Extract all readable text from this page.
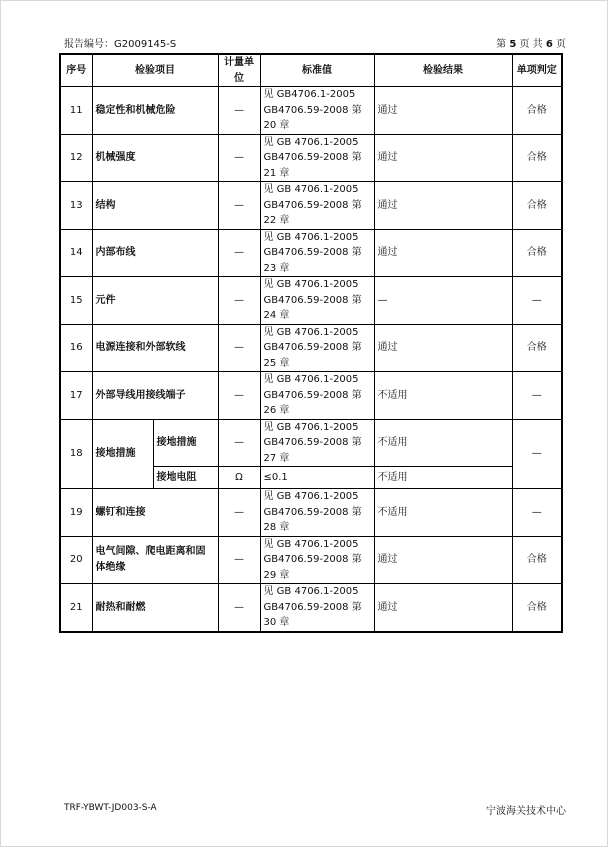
报告编号：G2009145-S	第 5 页 共 6 页
序号	检验项目		计量单位	标准值	检验结果	单项判定
11	稳定性和机械危险		—	见 GB4706.1-2005
GB4706.59-2008 第
20 章	通过	合格
12	机械强度		—	见 GB 4706.1-2005
GB4706.59-2008 第
21 章	通过	合格
13	结构		—	见 GB 4706.1-2005
GB4706.59-2008 第
22 章	通过	合格
14	内部布线		—	见 GB 4706.1-2005
GB4706.59-2008 第
23 章	通过	合格
15	元件		—	见 GB 4706.1-2005
GB4706.59-2008 第
24 章	—	—
16	电源连接和外部软线		—	见 GB 4706.1-2005
GB4706.59-2008 第
25 章	通过	合格
17	外部导线用接线端子		—	见 GB 4706.1-2005
GB4706.59-2008 第
26 章	不适用	—
18	接地措施	接地措施	—	见 GB 4706.1-2005
GB4706.59-2008 第
27 章	不适用	—
		接地电阻	Ω	≤0.1	不适用	
19	螺钉和连接		—	见 GB 4706.1-2005
GB4706.59-2008 第
28 章	不适用	—
20	电气间隙、爬电距离和固体绝缘		—	见 GB 4706.1-2005
GB4706.59-2008 第
29 章	通过	合格
21	耐热和耐燃		—	见 GB 4706.1-2005
GB4706.59-2008 第
30 章	通过	合格
TRF-YBWT-JD003-S-A	宁波海关技术中心
